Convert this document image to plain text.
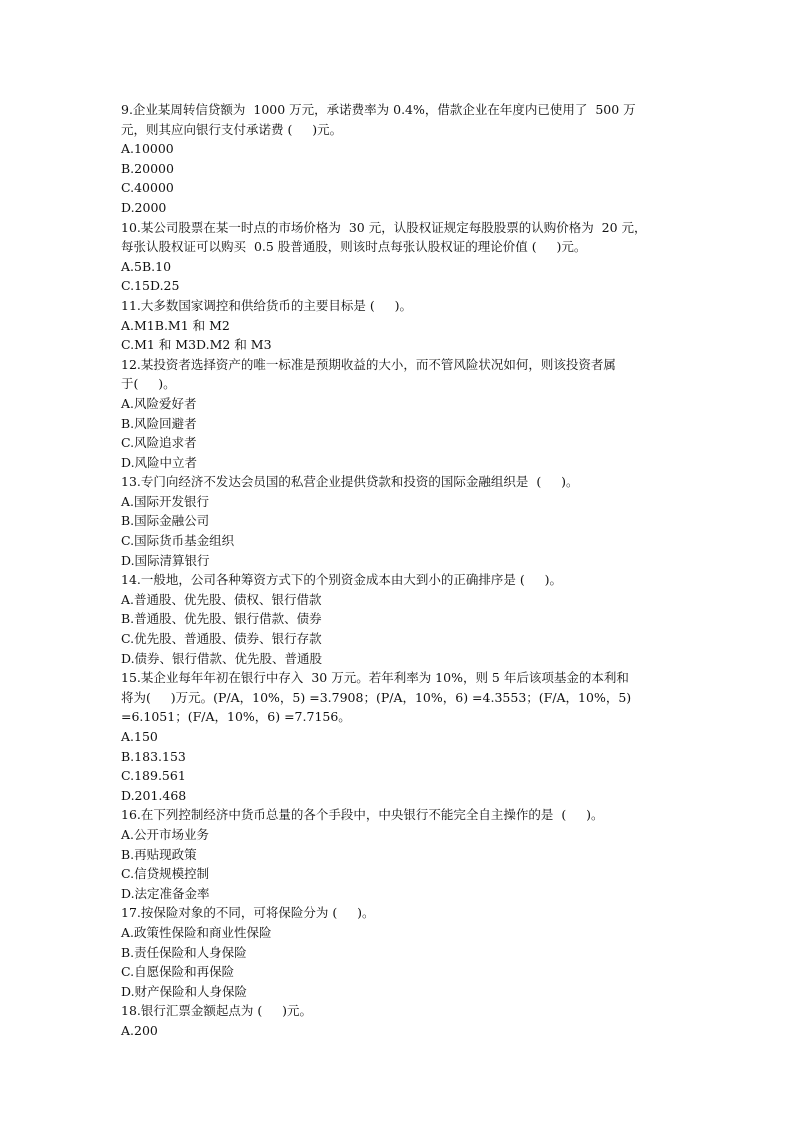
9.企业某周转信贷额为  1000 万元，承诺费率为 0.4%，借款企业在年度内已使用了  500 万
元，则其应向银行支付承诺费 (     )元。
A.10000
B.20000
C.40000
D.2000
10.某公司股票在某一时点的市场价格为  30 元，认股权证规定每股股票的认购价格为  20 元，
每张认股权证可以购买  0.5 股普通股，则该时点每张认股权证的理论价值 (     )元。
A.5B.10
C.15D.25
11.大多数国家调控和供给货币的主要目标是 (     )。
A.M1B.M1 和 M2
C.M1 和 M3D.M2 和 M3
12.某投资者选择资产的唯一标准是预期收益的大小，而不管风险状况如何，则该投资者属
于(     )。
A.风险爱好者
B.风险回避者
C.风险追求者
D.风险中立者
13.专门向经济不发达会员国的私营企业提供贷款和投资的国际金融组织是  (     )。
A.国际开发银行
B.国际金融公司
C.国际货币基金组织
D.国际清算银行
14.一般地，公司各种筹资方式下的个别资金成本由大到小的正确排序是 (     )。
A.普通股、优先股、债权、银行借款
B.普通股、优先股、银行借款、债券
C.优先股、普通股、债券、银行存款
D.债券、银行借款、优先股、普通股
15.某企业每年年初在银行中存入  30 万元。若年利率为 10%，则 5 年后该项基金的本利和
将为(     )万元。(P/A，10%，5) =3.7908；(P/A，10%，6) =4.3553；(F/A，10%，5)
=6.1051；(F/A，10%，6) =7.7156。
A.150
B.183.153
C.189.561
D.201.468
16.在下列控制经济中货币总量的各个手段中，中央银行不能完全自主操作的是  (     )。
A.公开市场业务
B.再贴现政策
C.信贷规模控制
D.法定准备金率
17.按保险对象的不同，可将保险分为 (     )。
A.政策性保险和商业性保险
B.责任保险和人身保险
C.自愿保险和再保险
D.财产保险和人身保险
18.银行汇票金额起点为 (     )元。
A.200
